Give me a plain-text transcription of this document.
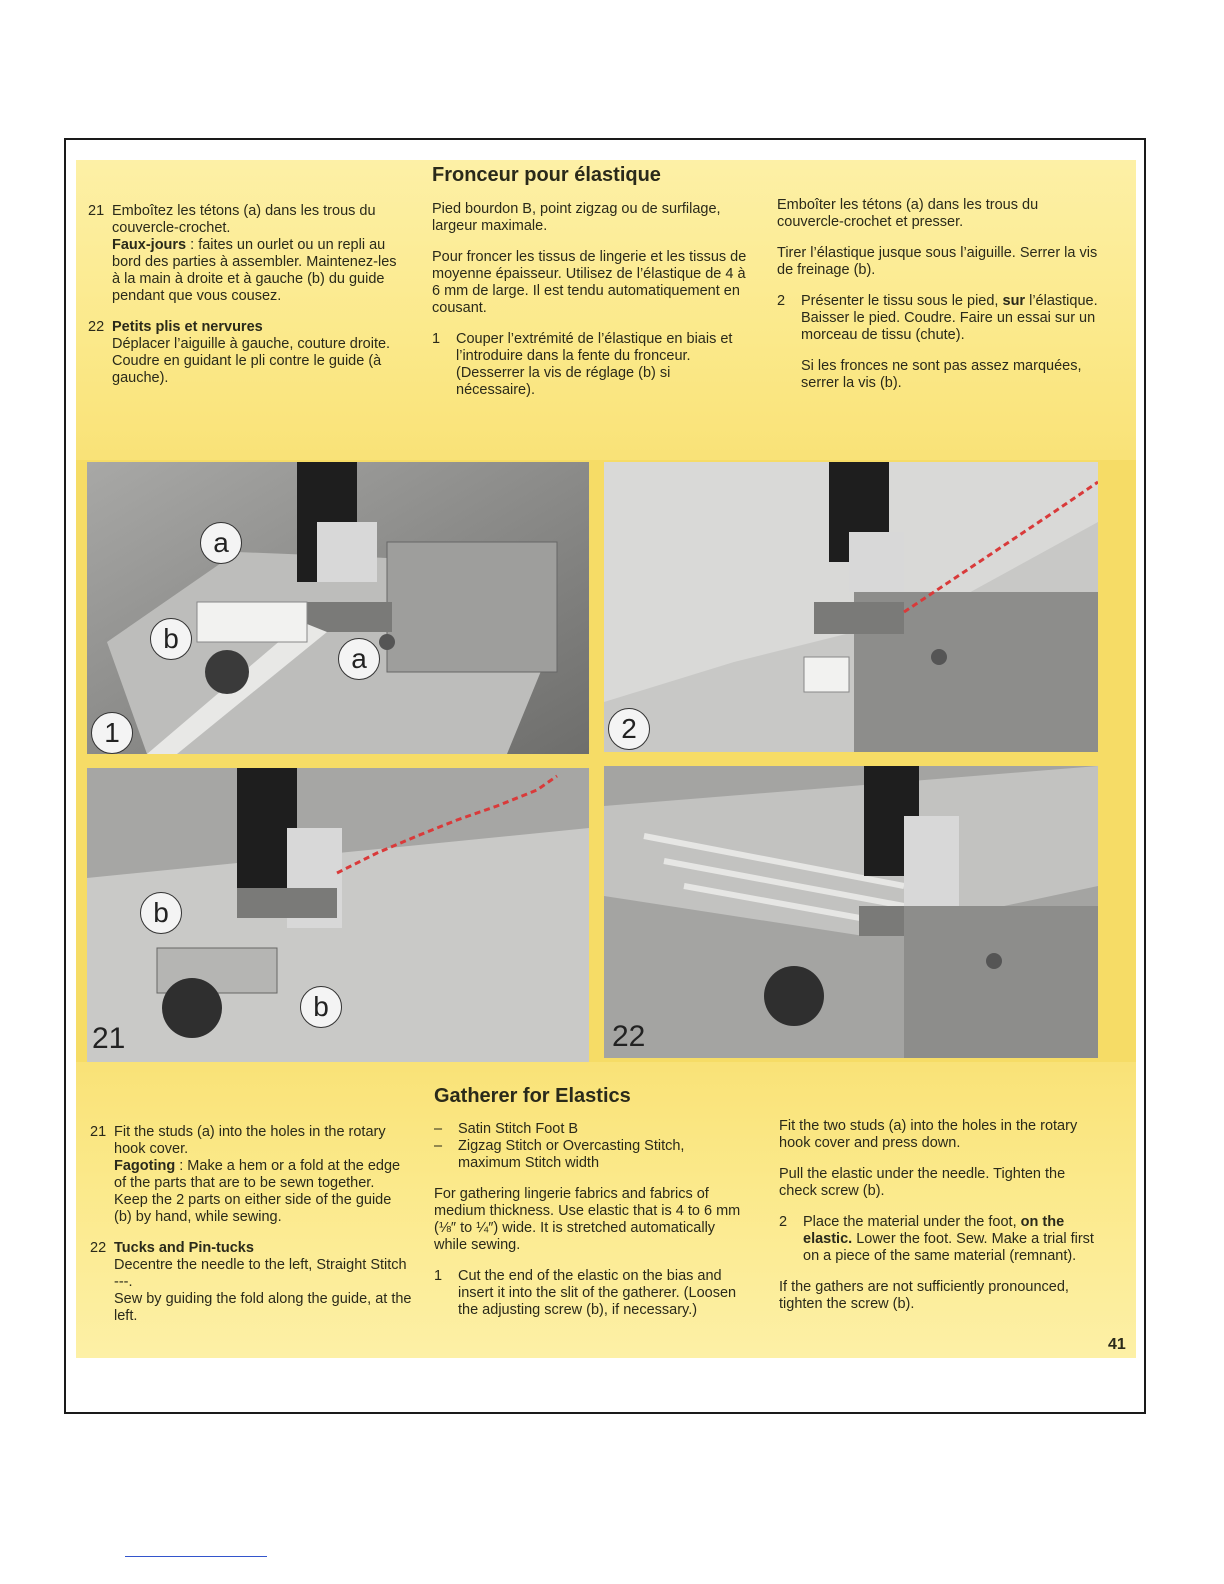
Fronceur pour élastique
21 Emboîtez les tétons (a) dans les trous du couvercle-crochet.
Faux-jours : faites un ourlet ou un repli au bord des parties à assembler. Maintenez-les à la main à droite et à gauche (b) du guide pendant que vous cousez.
22 Petits plis et nervures
Déplacer l’aiguille à gauche, couture droite.
Coudre en guidant le pli contre le guide (à gauche).

Pied bourdon B, point zigzag ou de surfilage, largeur maximale.

Pour froncer les tissus de lingerie et les tissus de moyenne épaisseur. Utilisez de l’élastique de 4 à 6 mm de large. Il est tendu automatiquement en cousant.

1	Couper l’extrémité de l’élastique en biais et l’introduire dans la fente du fronceur. (Desserrer la vis de réglage (b) si nécessaire).

Emboîter les tétons (a) dans les trous du couvercle-crochet et presser.

Tirer l’élastique jusque sous l’aiguille. Serrer la vis de freinage (b).

2	Présenter le tissu sous le pied, sur l’élastique. Baisser le pied. Coudre. Faire un essai sur un morceau de tissu (chute).

Si les fronces ne sont pas assez marquées, serrer la vis (b).

a
b
a
1	2
b
b
21	22
Gatherer for Elastics
21 Fit the studs (a) into the holes in the rotary hook cover.
Fagoting : Make a hem or a fold at the edge of the parts that are to be sewn together. Keep the 2 parts on either side of the guide (b) by hand, while sewing.
22 Tucks and Pin-tucks
Decentre the needle to the left, Straight Stitch ---.
Sew by guiding the fold along the guide, at the left.
–	Satin Stitch Foot B
–	Zigzag Stitch or Overcasting Stitch, maximum Stitch width

For gathering lingerie fabrics and fabrics of medium thickness. Use elastic that is 4 to 6 mm (⅛″ to ¼″) wide. It is stretched automatically while sewing.

1	Cut the end of the elastic on the bias and insert it into the slit of the gatherer. (Loosen the adjusting screw (b), if necessary.)

Fit the two studs (a) into the holes in the rotary hook cover and press down.

Pull the elastic under the needle. Tighten the check screw (b).

2	Place the material under the foot, on the elastic. Lower the foot. Sew. Make a trial first on a piece of the same material (remnant).

If the gathers are not sufficiently pronounced, tighten the screw (b).

41
